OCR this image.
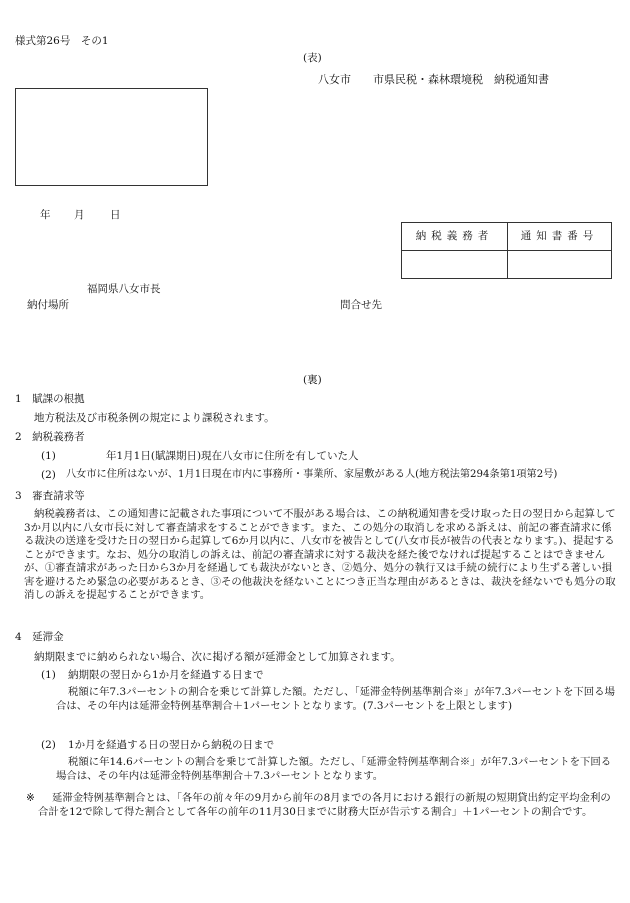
様式第26号　その1
(表)
八女市　　市県民税・森林環境税　納税通知書
年 月 日
納税義務者	通知書番号

福岡県八女市長
納付場所	問合せ先
(裏)
1　賦課の根拠
地方税法及び市税条例の規定により課税されます。
2　納税義務者
(1)	年1月1日(賦課期日)現在八女市に住所を有していた人
(2) 八女市に住所はないが、1月1日現在市内に事務所・事業所、家屋敷がある人(地方税法第294条第1項第2号)
3　審査請求等
納税義務者は、この通知書に記載された事項について不服がある場合は、この納税通知書を受け取った日の翌日から起算して3か月以内に八女市長に対して審査請求をすることができます。また、この処分の取消しを求める訴えは、前記の審査請求に係る裁決の送達を受けた日の翌日から起算して6か月以内に、八女市を被告として(八女市長が被告の代表となります。)、提起することができます。なお、処分の取消しの訴えは、前記の審査請求に対する裁決を経た後でなければ提起することはできませんが、①審査請求があった日から3か月を経過しても裁決がないとき、②処分、処分の執行又は手続の続行により生ずる著しい損害を避けるため緊急の必要があるとき、③その他裁決を経ないことにつき正当な理由があるときは、裁決を経ないでも処分の取消しの訴えを提起することができます。
4　延滞金
納期限までに納められない場合、次に掲げる額が延滞金として加算されます。
(1) 納期限の翌日から1か月を経過する日まで
税額に年7.3パーセントの割合を乗じて計算した額。ただし、「延滞金特例基準割合※」が年7.3パーセントを下回る場合は、その年内は延滞金特例基準割合＋1パーセントとなります。(7.3パーセントを上限とします)
(2) 1か月を経過する日の翌日から納税の日まで
税額に年14.6パーセントの割合を乗じて計算した額。ただし、「延滞金特例基準割合※」が年7.3パーセントを下回る場合は、その年内は延滞金特例基準割合＋7.3パーセントとなります。
※	延滞金特例基準割合とは、「各年の前々年の9月から前年の8月までの各月における銀行の新規の短期貸出約定平均金利の合計を12で除して得た割合として各年の前年の11月30日までに財務大臣が告示する割合」＋1パーセントの割合です。
